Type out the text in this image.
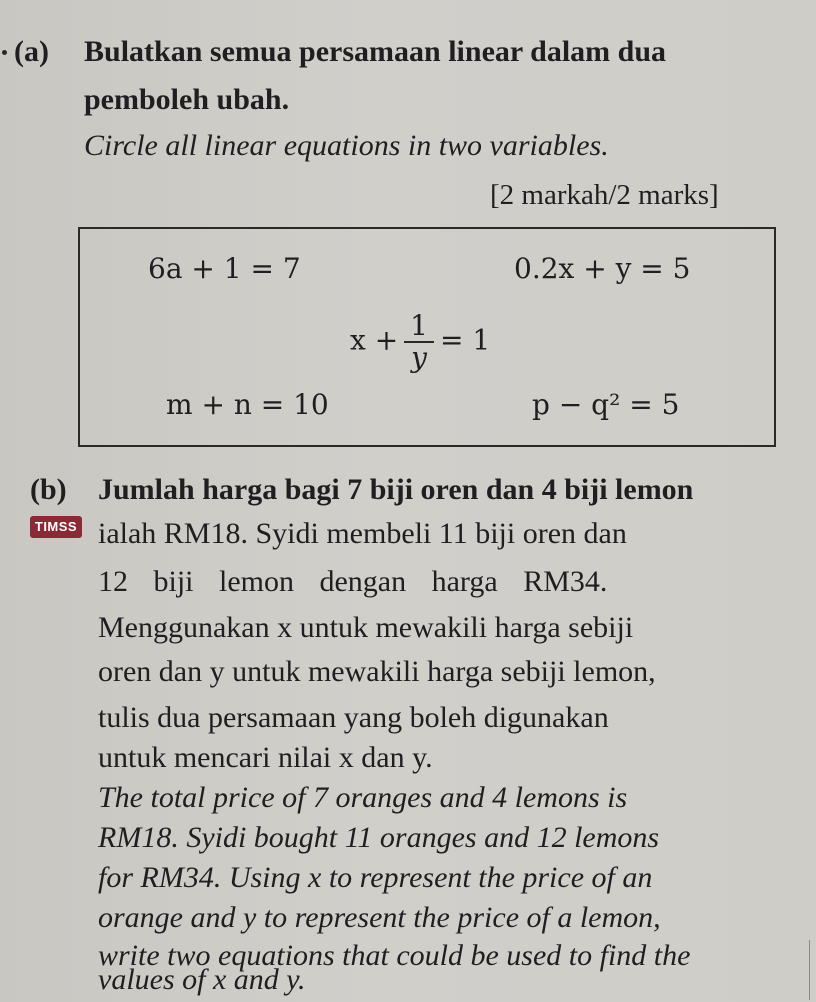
(a) Bulatkan semua persamaan linear dalam dua
pemboleh ubah.
Circle all linear equations in two variables.
[2 markah/2 marks]
6a + 1 = 7	0.2x + y = 5
$x + \frac{1}{y} = 1$
m + n = 10	p − q² = 5
(b)
TIMSS
Jumlah harga bagi 7 biji oren dan 4 biji lemon
ialah RM18. Syidi membeli 11 biji oren dan
12 biji lemon dengan harga RM34.
Menggunakan x untuk mewakili harga sebiji
oren dan y untuk mewakili harga sebiji lemon,
tulis dua persamaan yang boleh digunakan
untuk mencari nilai x dan y.
The total price of 7 oranges and 4 lemons is
RM18. Syidi bought 11 oranges and 12 lemons
for RM34. Using x to represent the price of an
orange and y to represent the price of a lemon,
write two equations that could be used to find the
values of x and y.
